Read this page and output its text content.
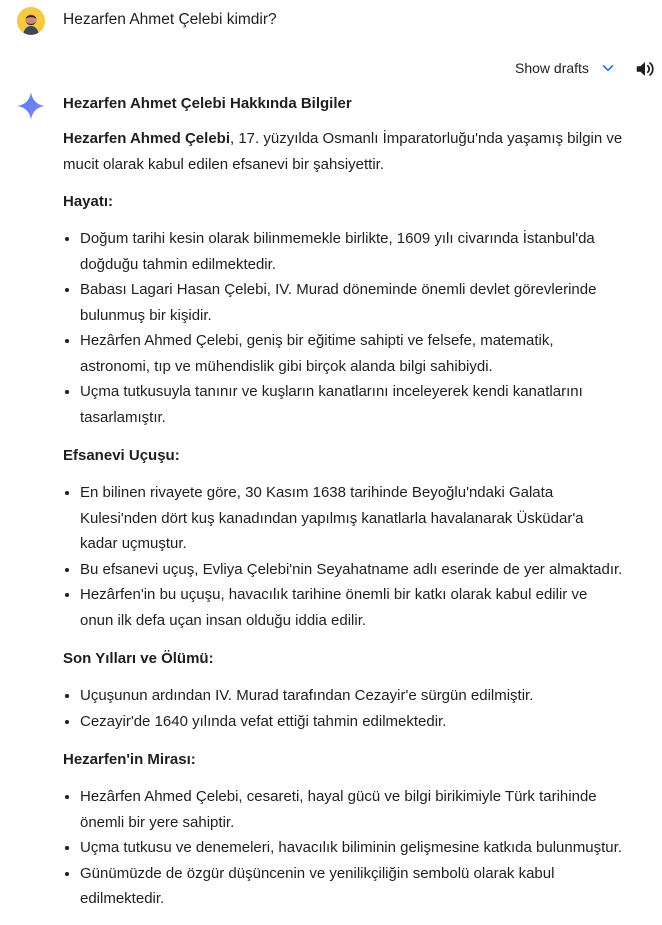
Hezarfen Ahmet Çelebi kimdir?
Show drafts
Hezarfen Ahmet Çelebi Hakkında Bilgiler

Hezarfen Ahmed Çelebi, 17. yüzyılda Osmanlı İmparatorluğu'nda yaşamış bilgin ve mucit olarak kabul edilen efsanevi bir şahsiyettir.

Hayatı:
• Doğum tarihi kesin olarak bilinmemekle birlikte, 1609 yılı civarında İstanbul'da doğduğu tahmin edilmektedir.
• Babası Lagari Hasan Çelebi, IV. Murad döneminde önemli devlet görevlerinde bulunmuş bir kişidir.
• Hezârfen Ahmed Çelebi, geniş bir eğitime sahipti ve felsefe, matematik, astronomi, tıp ve mühendislik gibi birçok alanda bilgi sahibiydi.
• Uçma tutkusuyla tanınır ve kuşların kanatlarını inceleyerek kendi kanatlarını tasarlamıştır.
Efsanevi Uçuşu:
• En bilinen rivayete göre, 30 Kasım 1638 tarihinde Beyoğlu'ndaki Galata Kulesi'nden dört kuş kanadından yapılmış kanatlarla havalanarak Üsküdar'a kadar uçmuştur.
• Bu efsanevi uçuş, Evliya Çelebi'nin Seyahatname adlı eserinde de yer almaktadır.
• Hezârfen'in bu uçuşu, havacılık tarihine önemli bir katkı olarak kabul edilir ve onun ilk defa uçan insan olduğu iddia edilir.
Son Yılları ve Ölümü:
• Uçuşunun ardından IV. Murad tarafından Cezayir'e sürgün edilmiştir.
• Cezayir'de 1640 yılında vefat ettiği tahmin edilmektedir.
Hezarfen'in Mirası:
• Hezârfen Ahmed Çelebi, cesareti, hayal gücü ve bilgi birikimiyle Türk tarihinde önemli bir yere sahiptir.
• Uçma tutkusu ve denemeleri, havacılık biliminin gelişmesine katkıda bulunmuştur.
• Günümüzde de özgür düşüncenin ve yenilikçiliğin sembolü olarak kabul edilmektedir.
